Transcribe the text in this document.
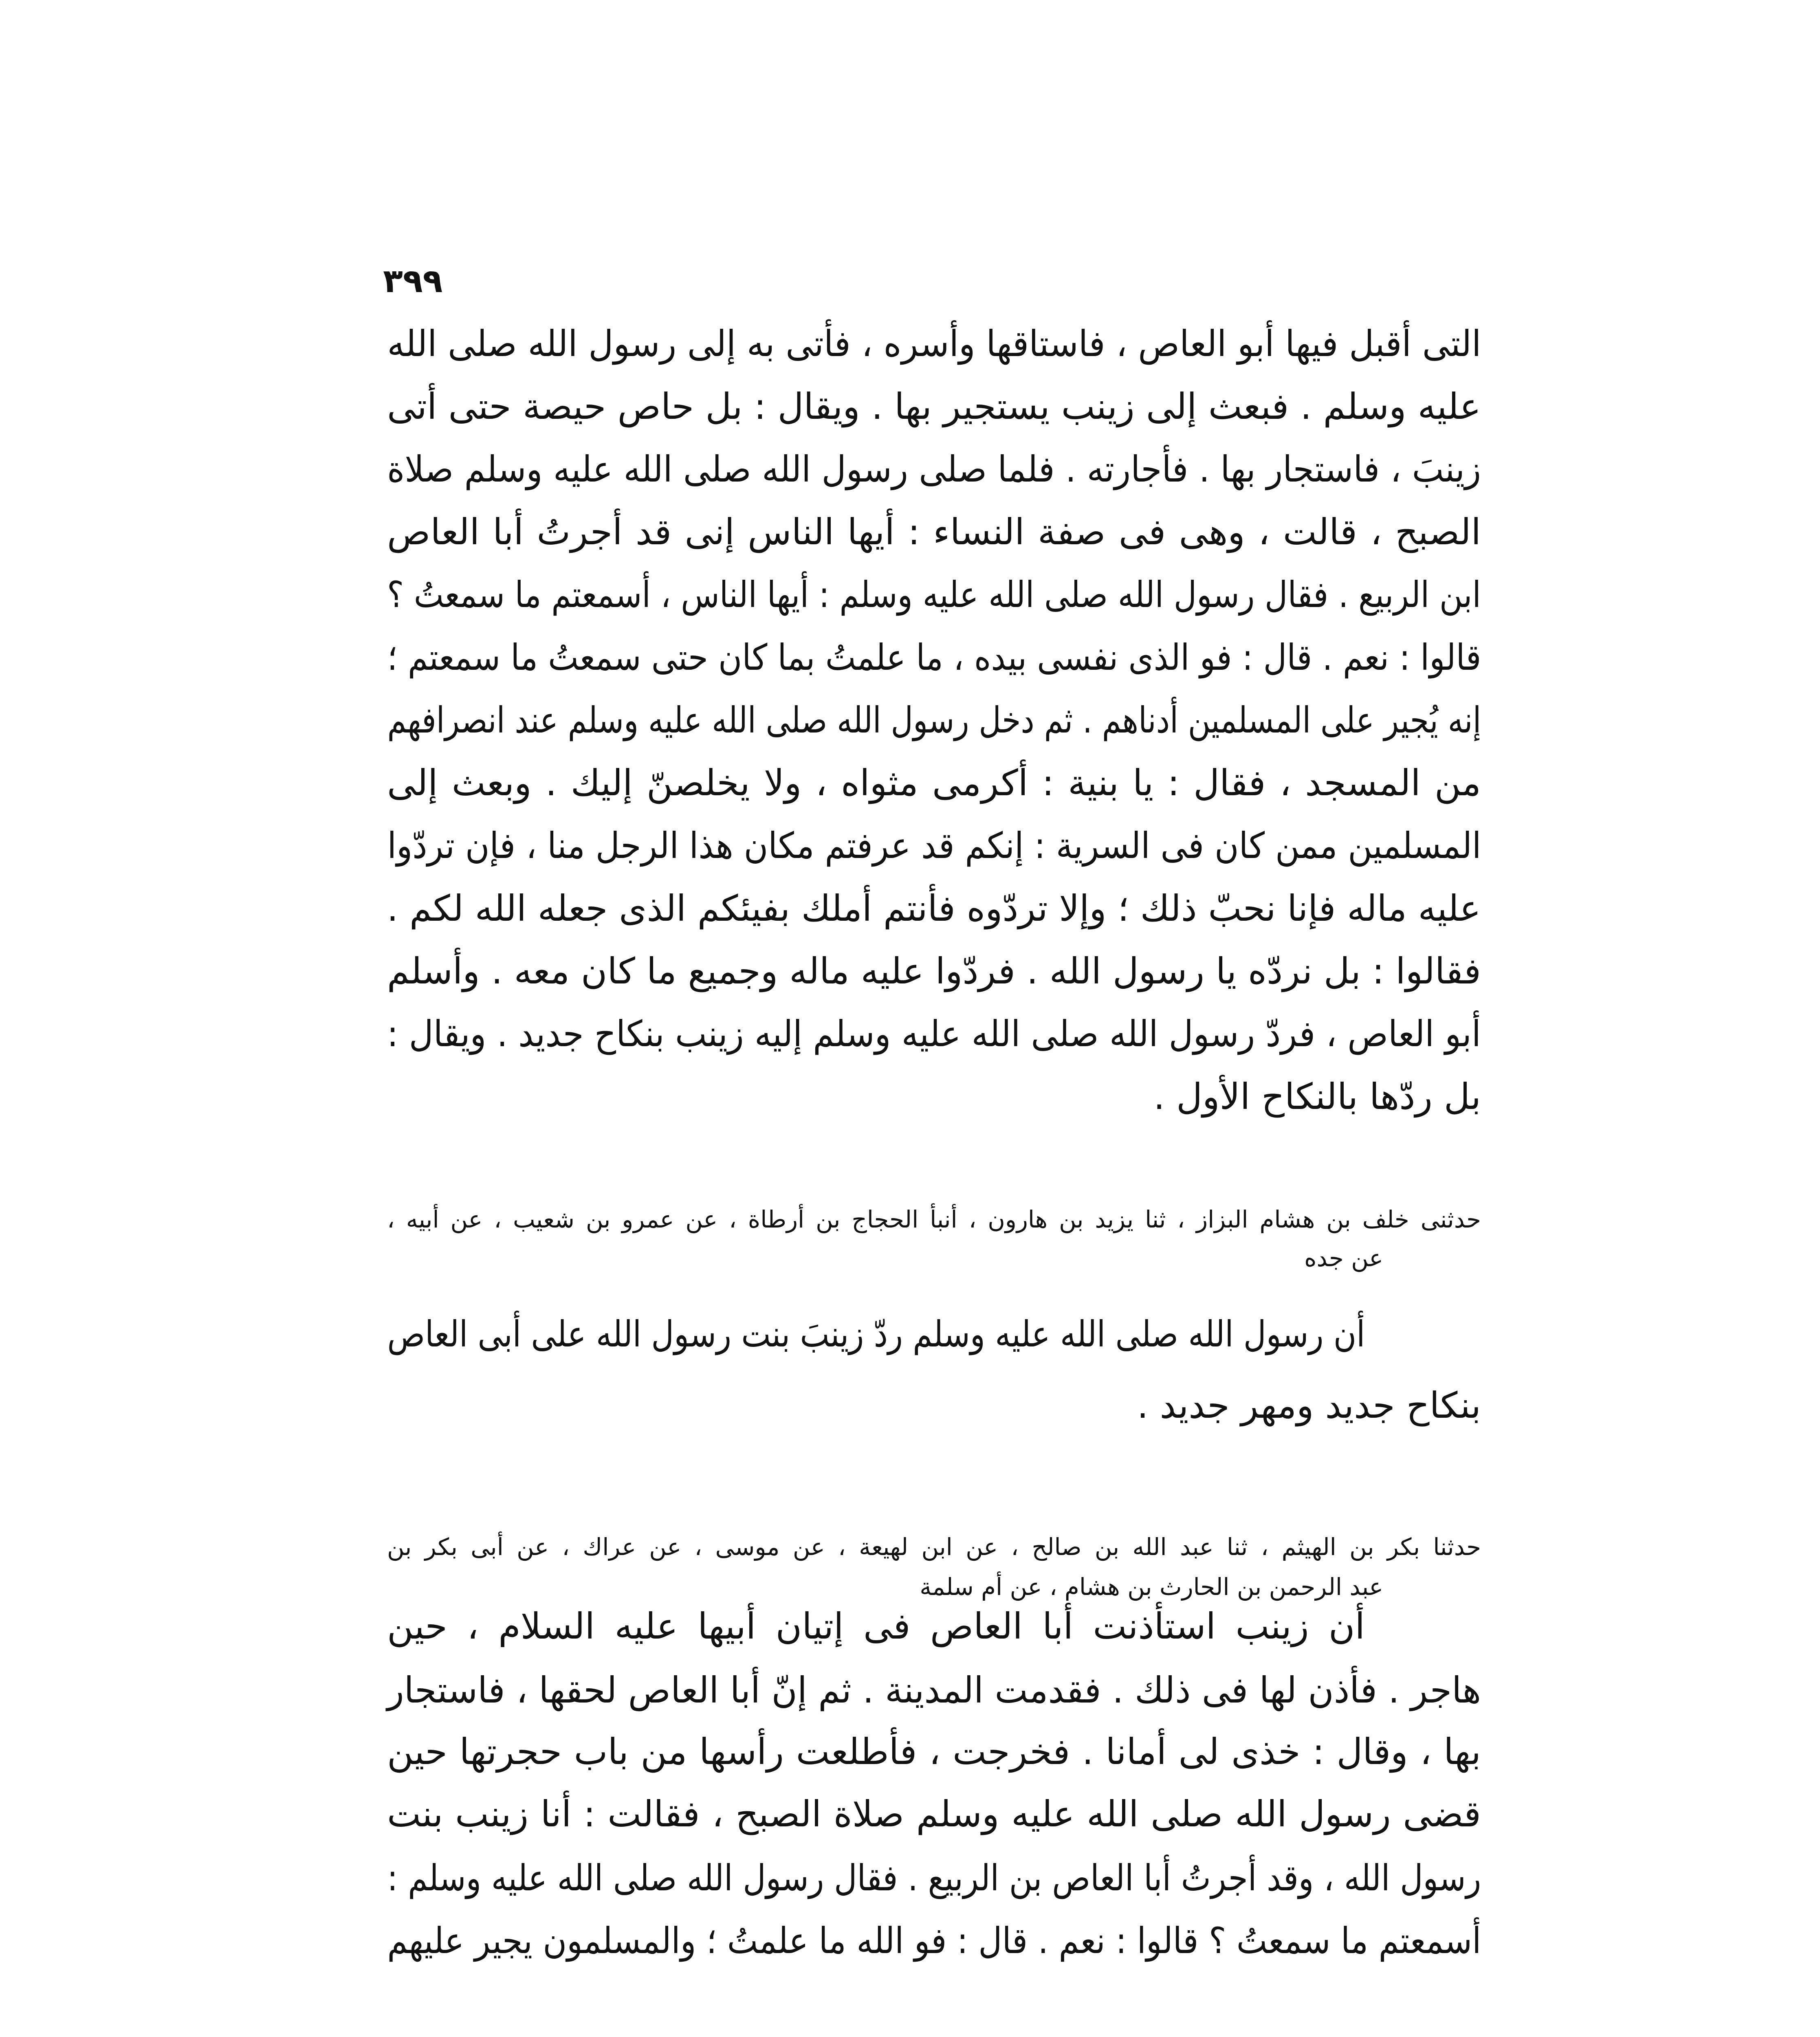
٣٩٩
التى أقبل فيها أبو العاص ، فاستاقها وأسره ، فأتى به إلى رسول الله صلى الله
عليه وسلم . فبعث إلى زينب يستجير بها . ويقال : بل حاص حيصة حتى أتى
زينبَ ، فاستجار بها . فأجارته . فلما صلى رسول الله صلى الله عليه وسلم صلاة
الصبح ، قالت ، وهى فى صفة النساء : أيها الناس إنى قد أجرتُ أبا العاص
ابن الربيع . فقال رسول الله صلى الله عليه وسلم : أيها الناس ، أسمعتم ما سمعتُ ؟
قالوا : نعم . قال : فو الذى نفسى بيده ، ما علمتُ بما كان حتى سمعتُ ما سمعتم ؛
إنه يُجير على المسلمين أدناهم . ثم دخل رسول الله صلى الله عليه وسلم عند انصرافهم
من المسجد ، فقال : يا بنية : أكرمى مثواه ، ولا يخلصنّ إليك . وبعث إلى
المسلمين ممن كان فى السرية : إنكم قد عرفتم مكان هذا الرجل منا ، فإن تردّوا
عليه ماله فإنا نحبّ ذلك ؛ وإلا تردّوه فأنتم أملك بفيئكم الذى جعله الله لكم .
فقالوا : بل نردّه يا رسول الله . فردّوا عليه ماله وجميع ما كان معه . وأسلم
أبو العاص ، فردّ رسول الله صلى الله عليه وسلم إليه زينب بنكاح جديد . ويقال :
بل ردّها بالنكاح الأول .
حدثنى خلف بن هشام البزاز ، ثنا يزيد بن هارون ، أنبأ الحجاج بن أرطاة ، عن عمرو بن شعيب ، عن أبيه ،
عن جده
أن رسول الله صلى الله عليه وسلم ردّ زينبَ بنت رسول الله على أبى العاص
بنكاح جديد ومهر جديد .
حدثنا بكر بن الهيثم ، ثنا عبد الله بن صالح ، عن ابن لهيعة ، عن موسى ، عن عراك ، عن أبى بكر بن
عبد الرحمن بن الحارث بن هشام ، عن أم سلمة
أن زينب استأذنت أبا العاص فى إتيان أبيها عليه السلام ، حين
هاجر . فأذن لها فى ذلك . فقدمت المدينة . ثم إنّ أبا العاص لحقها ، فاستجار
بها ، وقال : خذى لى أمانا . فخرجت ، فأطلعت رأسها من باب حجرتها حين
قضى رسول الله صلى الله عليه وسلم صلاة الصبح ، فقالت : أنا زينب بنت
رسول الله ، وقد أجرتُ أبا العاص بن الربيع . فقال رسول الله صلى الله عليه وسلم :
أسمعتم ما سمعتُ ؟ قالوا : نعم . قال : فو الله ما علمتُ ؛ والمسلمون يجير عليهم
